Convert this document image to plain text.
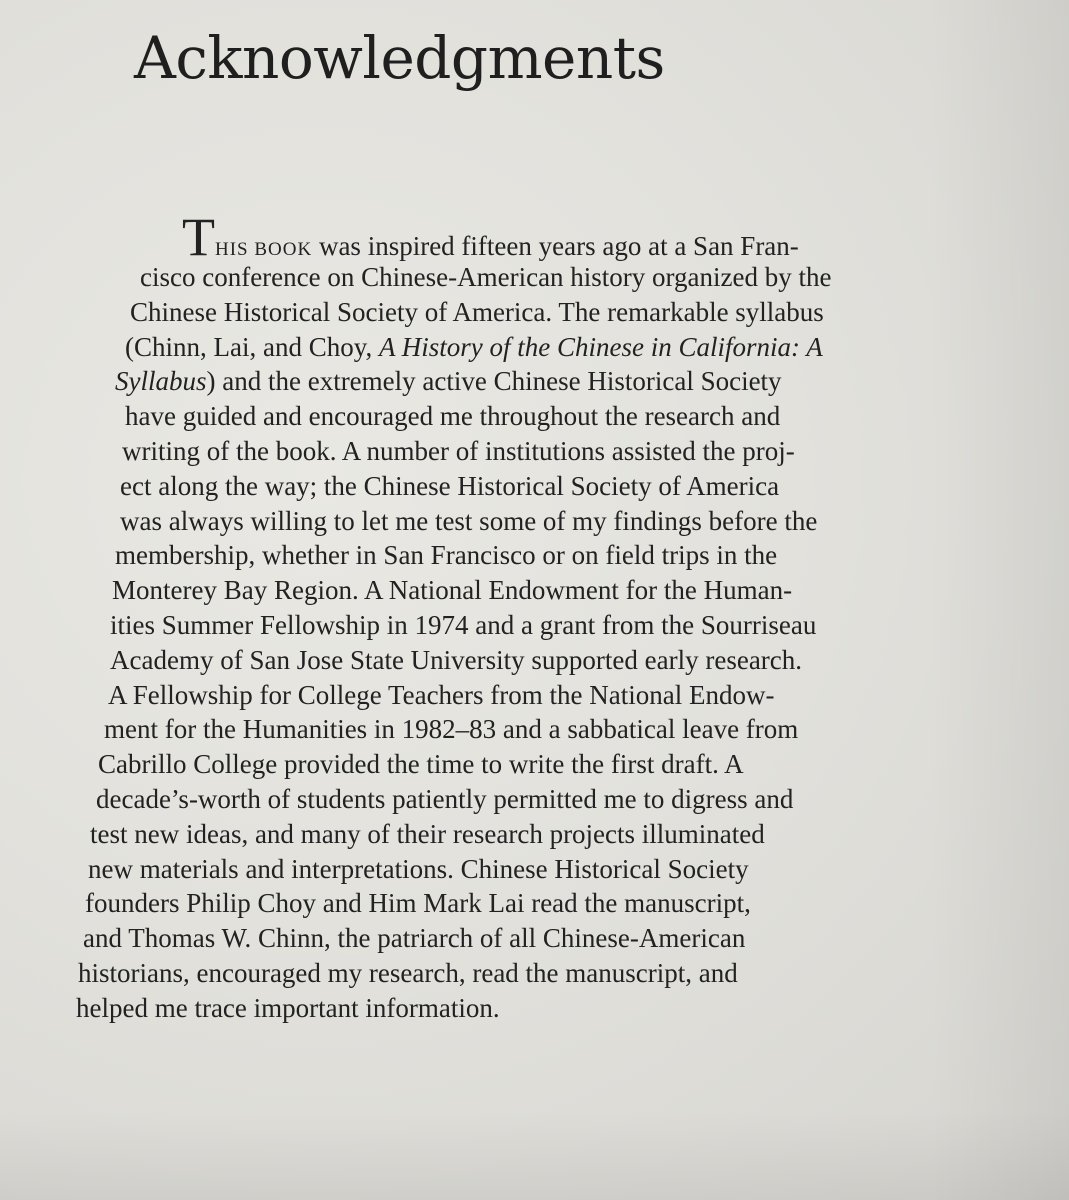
Acknowledgments
THIS BOOK was inspired fifteen years ago at a San Fran-
cisco conference on Chinese-American history organized by the
Chinese Historical Society of America. The remarkable syllabus
(Chinn, Lai, and Choy, A History of the Chinese in California: A
Syllabus) and the extremely active Chinese Historical Society
have guided and encouraged me throughout the research and
writing of the book. A number of institutions assisted the proj-
ect along the way; the Chinese Historical Society of America
was always willing to let me test some of my findings before the
membership, whether in San Francisco or on field trips in the
Monterey Bay Region. A National Endowment for the Human-
ities Summer Fellowship in 1974 and a grant from the Sourriseau
Academy of San Jose State University supported early research.
A Fellowship for College Teachers from the National Endow-
ment for the Humanities in 1982–83 and a sabbatical leave from
Cabrillo College provided the time to write the first draft. A
decade’s-worth of students patiently permitted me to digress and
test new ideas, and many of their research projects illuminated
new materials and interpretations. Chinese Historical Society
founders Philip Choy and Him Mark Lai read the manuscript,
and Thomas W. Chinn, the patriarch of all Chinese-American
historians, encouraged my research, read the manuscript, and
helped me trace important information.
